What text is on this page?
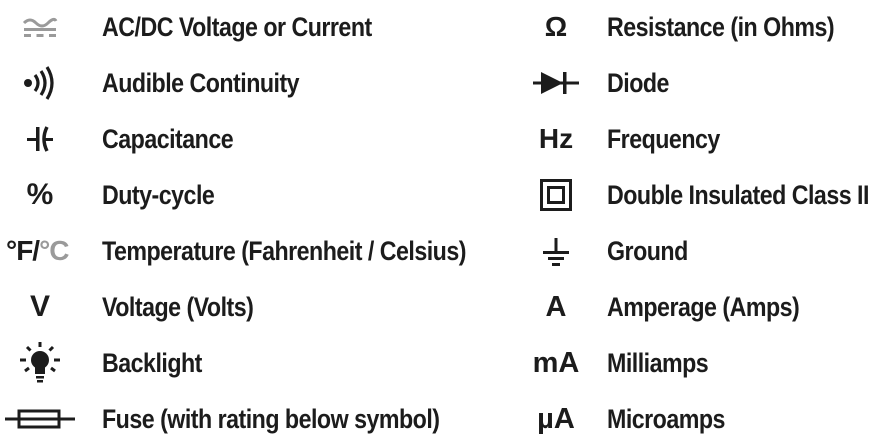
AC/DC Voltage or Current
Audible Continuity
Capacitance
% Duty-cycle
°F/ °C Temperature (Fahrenheit / Celsius)
V Voltage (Volts)
Backlight
Fuse (with rating below symbol)
Ω Resistance (in Ohms)
Diode
Hz Frequency
Double Insulated Class II
Ground
A Amperage (Amps)
mA Milliamps
µA Microamps
